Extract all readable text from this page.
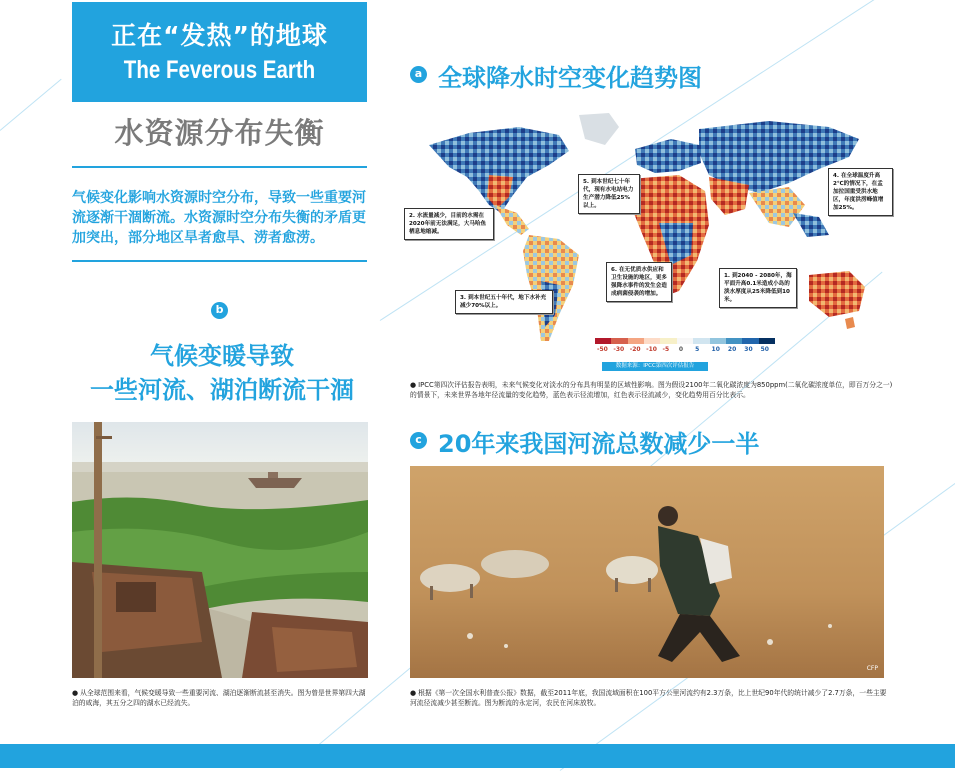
正在“发热”的地球
The Feverous Earth
水资源分布失衡
气候变化影响水资源时空分布，导致一些重要河流逐渐干涸断流。水资源时空分布失衡的矛盾更加突出，部分地区旱者愈旱、涝者愈涝。
b
气候变暖导致
一些河流、湖泊断流干涸
● 从全球范围来看，气候变暖导致一些重要河流、湖泊逐渐断流甚至消失。图为曾是世界第四大湖泊的咸海，其五分之四的湖水已经流失。
a 全球降水时空变化趋势图
2. 水流量减少，目前的水需在2020年前无法满足，大马哈鱼栖息地缩减。
3. 到本世纪五十年代，地下水补充减少70%以上。
5. 到本世纪七十年代，现有水电站电力生产潜力降低25%以上。
6. 在无优质水供应和卫生设施的地区，更多强降水事件的发生会造成病菌侵袭的增加。
1. 到2040 - 2080年，海平面升高0.1米造成小岛的淡水厚度从25米降低到10米。
4. 在全球温度升高2℃的情况下，在孟加拉国重受洪水地区，年度洪涝峰值增加25%。
-50 -30 -20 -10 -5 0 5 10 20 30 50
数据来源：IPCC第四次评估报告
● IPCC第四次评估报告表明，未来气候变化对淡水的分布具有明显的区域性影响。图为假设2100年二氧化碳浓度为850ppm(二氧化碳浓度单位，即百万分之一)的情景下，未来世界各地年径流量的变化趋势，蓝色表示径流增加，红色表示径流减少，变化趋势用百分比表示。
c 20年来我国河流总数减少一半
CFP
● 根据《第一次全国水利普查公报》数据，截至2011年底，我国流域面积在100平方公里河流约有2.3万条，比上世纪90年代的统计减少了2.7万条，一些主要河流径流减少甚至断流。图为断流的永定河，农民在河床放牧。
